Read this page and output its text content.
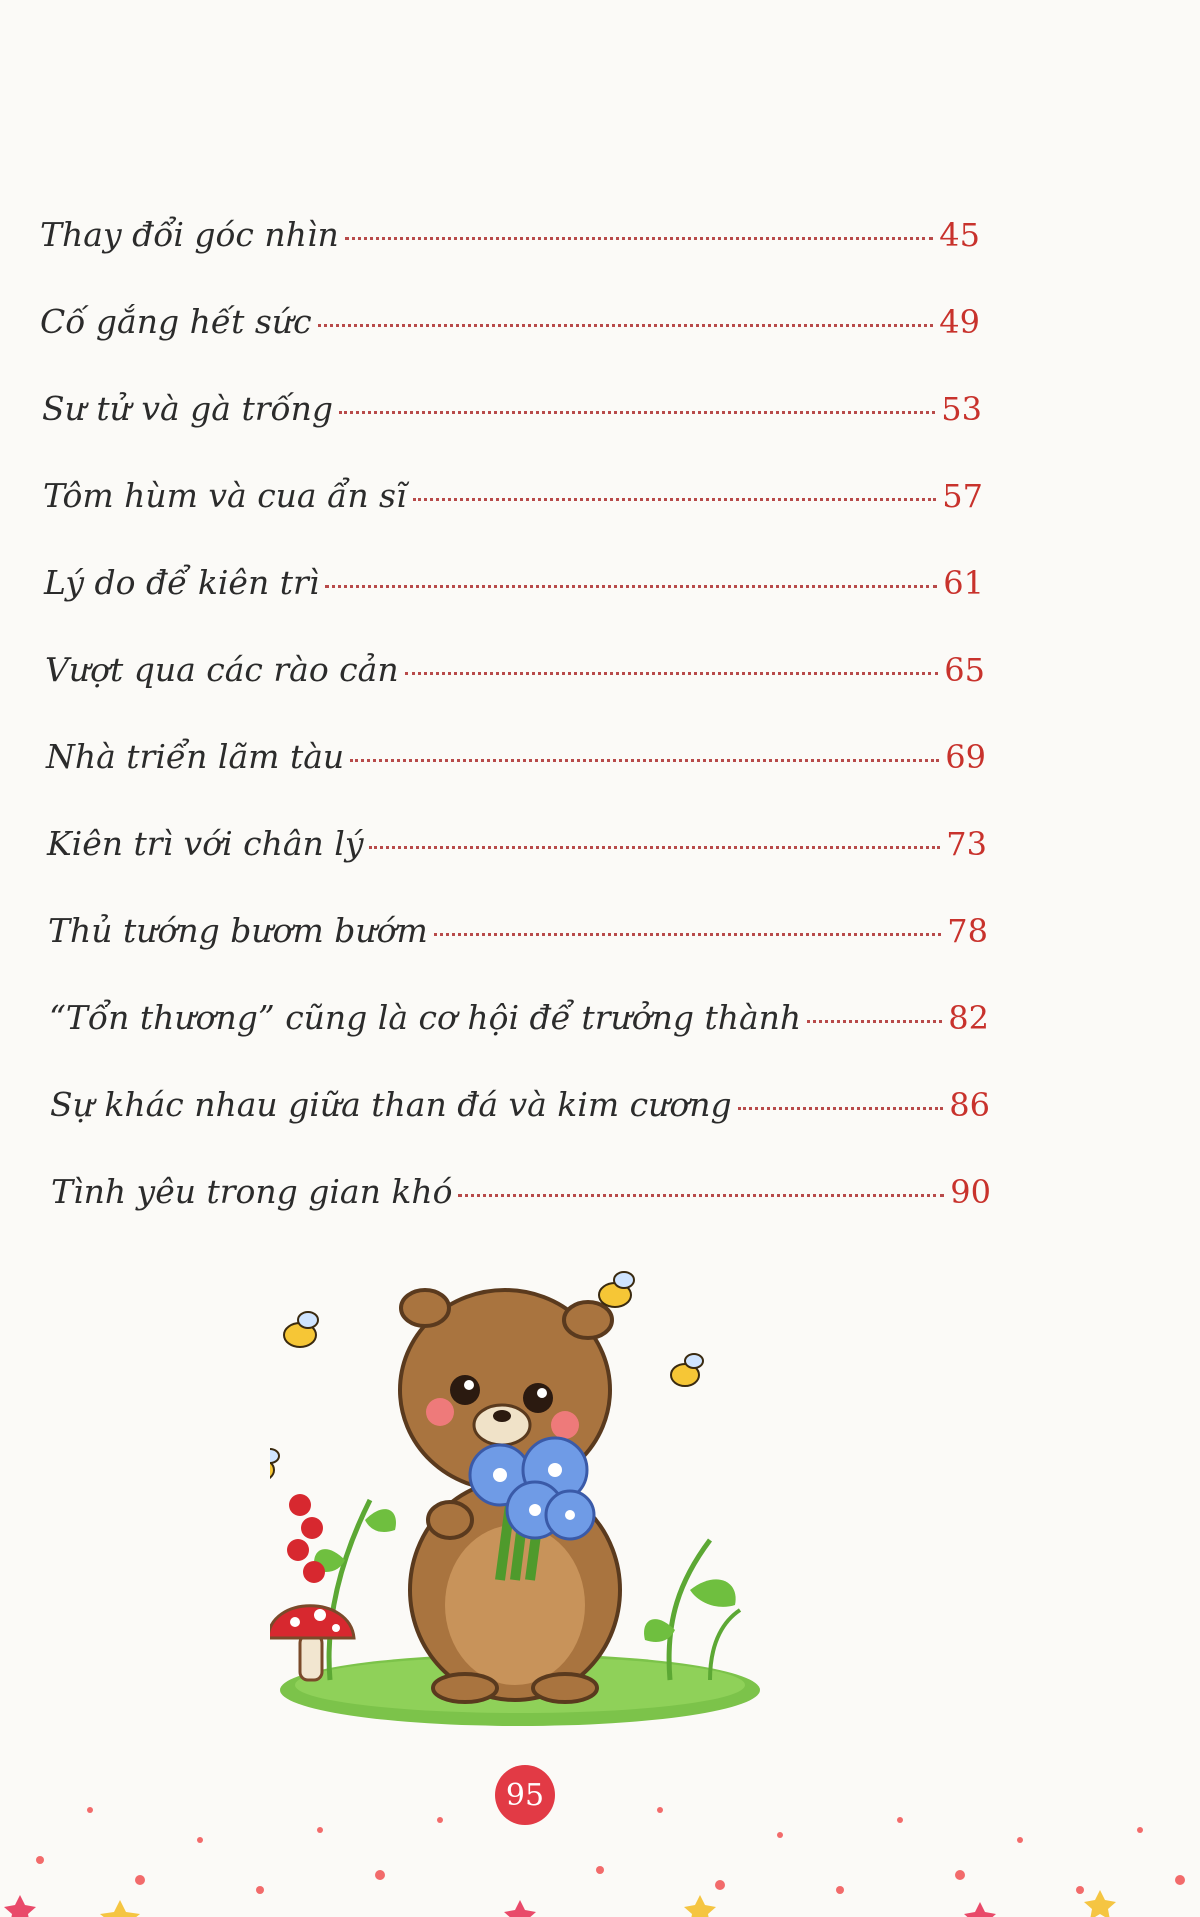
Thay đổi góc nhìn	45
Cố gắng hết sức	49
Sư tử và gà trống	53
Tôm hùm và cua ẩn sĩ	57
Lý do để kiên trì	61
Vượt qua các rào cản	65
Nhà triển lãm tàu	69
Kiên trì với chân lý	73
Thủ tướng bươm bướm	78
“Tổn thương” cũng là cơ hội để trưởng thành	82
Sự khác nhau giữa than đá và kim cương	86
Tình yêu trong gian khó	90
95
